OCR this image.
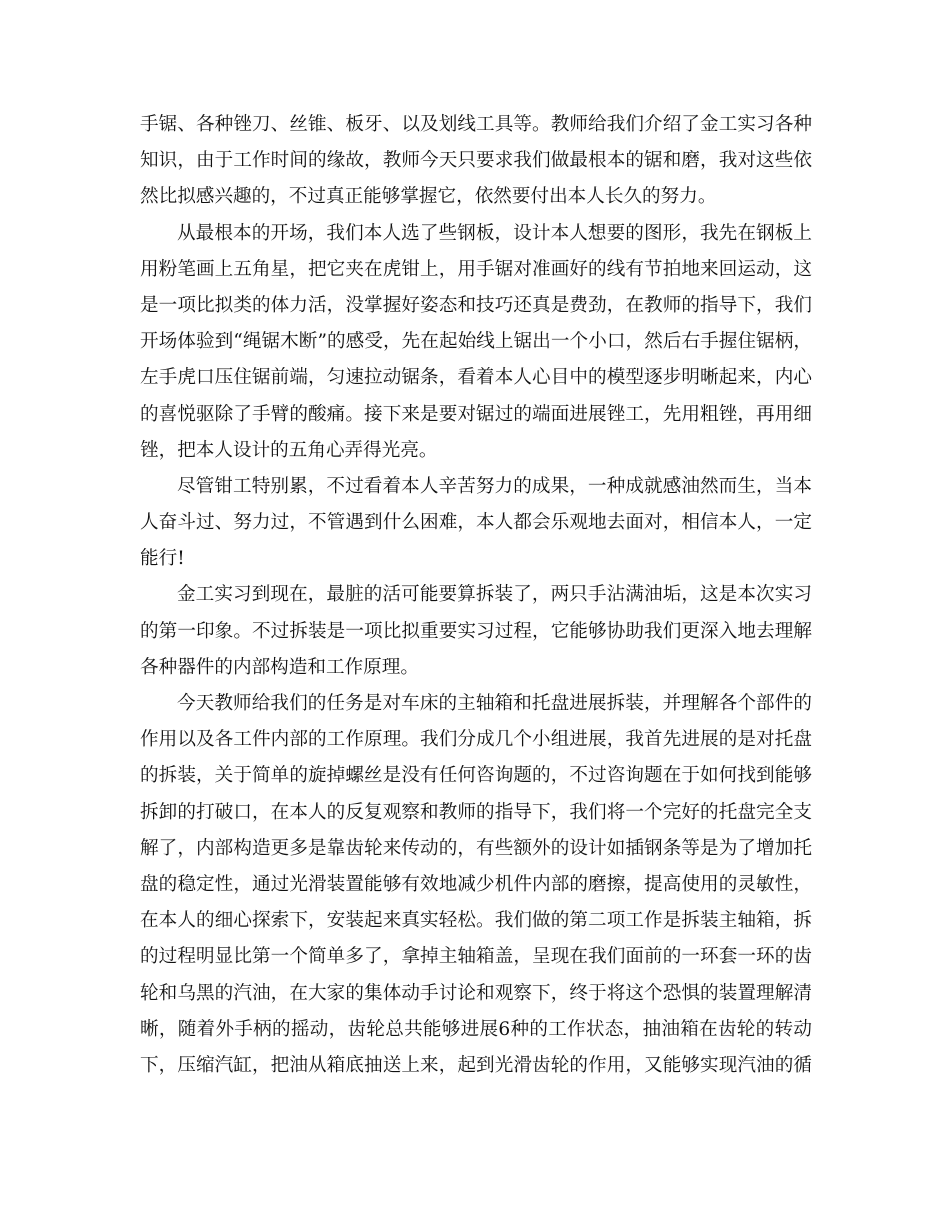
手锯、各种锉刀、丝锥、板牙、以及划线工具等。教师给我们介绍了金工实习各种
知识，由于工作时间的缘故，教师今天只要求我们做最根本的锯和磨，我对这些依
然比拟感兴趣的，不过真正能够掌握它，依然要付出本人长久的努力。
从最根本的开场，我们本人选了些钢板，设计本人想要的图形，我先在钢板上
用粉笔画上五角星，把它夹在虎钳上，用手锯对准画好的线有节拍地来回运动，这
是一项比拟类的体力活，没掌握好姿态和技巧还真是费劲，在教师的指导下，我们
开场体验到“绳锯木断”的感受，先在起始线上锯出一个小口，然后右手握住锯柄，
左手虎口压住锯前端，匀速拉动锯条，看着本人心目中的模型逐步明晰起来，内心
的喜悦驱除了手臂的酸痛。接下来是要对锯过的端面进展锉工，先用粗锉，再用细
锉，把本人设计的五角心弄得光亮。
尽管钳工特别累，不过看着本人辛苦努力的成果，一种成就感油然而生，当本
人奋斗过、努力过，不管遇到什么困难，本人都会乐观地去面对，相信本人，一定
能行!
金工实习到现在，最脏的活可能要算拆装了，两只手沾满油垢，这是本次实习
的第一印象。不过拆装是一项比拟重要实习过程，它能够协助我们更深入地去理解
各种器件的内部构造和工作原理。
今天教师给我们的任务是对车床的主轴箱和托盘进展拆装，并理解各个部件的
作用以及各工件内部的工作原理。我们分成几个小组进展，我首先进展的是对托盘
的拆装，关于简单的旋掉螺丝是没有任何咨询题的，不过咨询题在于如何找到能够
拆卸的打破口，在本人的反复观察和教师的指导下，我们将一个完好的托盘完全支
解了，内部构造更多是靠齿轮来传动的，有些额外的设计如插钢条等是为了增加托
盘的稳定性，通过光滑装置能够有效地减少机件内部的磨擦，提高使用的灵敏性，
在本人的细心探索下，安装起来真实轻松。我们做的第二项工作是拆装主轴箱，拆
的过程明显比第一个简单多了，拿掉主轴箱盖，呈现在我们面前的一环套一环的齿
轮和乌黑的汽油，在大家的集体动手讨论和观察下，终于将这个恐惧的装置理解清
晰，随着外手柄的摇动，齿轮总共能够进展6种的工作状态，抽油箱在齿轮的转动
下，压缩汽缸，把油从箱底抽送上来，起到光滑齿轮的作用，又能够实现汽油的循
